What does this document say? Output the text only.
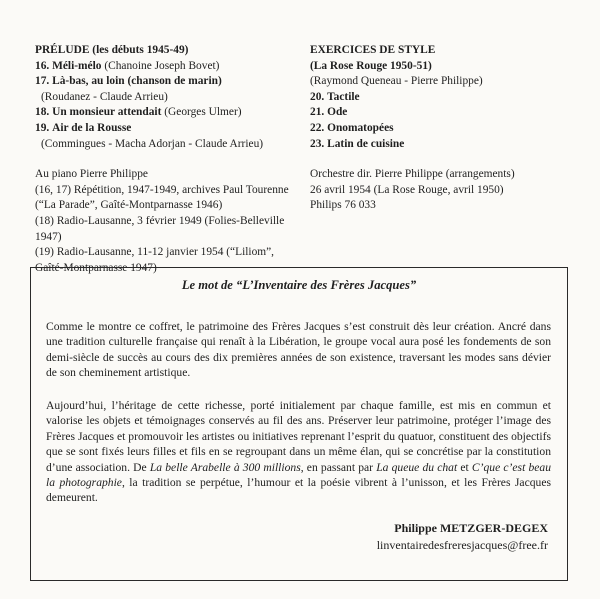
PRÉLUDE (les débuts 1945-49)
16. Méli-mélo (Chanoine Joseph Bovet)
17. Là-bas, au loin (chanson de marin)
(Roudanez - Claude Arrieu)
18. Un monsieur attendait (Georges Ulmer)
19. Air de la Rousse
(Commingues - Macha Adorjan - Claude Arrieu)

Au piano Pierre Philippe

(16, 17) Répétition, 1947-1949, archives Paul Tourenne (“La Parade”, Gaîté-Montparnasse 1946)

(18) Radio-Lausanne, 3 février 1949 (Folies-Belleville 1947)

(19) Radio-Lausanne, 11-12 janvier 1954 (“Liliom”, Gaîté-Montparnasse 1947)

EXERCICES DE STYLE
(La Rose Rouge 1950-51)
(Raymond Queneau - Pierre Philippe)
20. Tactile
21. Ode
22. Onomatopées
23. Latin de cuisine

Orchestre dir. Pierre Philippe (arrangements)

26 avril 1954 (La Rose Rouge, avril 1950)

Philips 76 033

Le mot de “L’Inventaire des Frères Jacques”

Comme le montre ce coffret, le patrimoine des Frères Jacques s’est construit dès leur création. Ancré dans une tradition culturelle française qui renaît à la Libération, le groupe vocal aura posé les fondements de son demi-siècle de succès au cours des dix premières années de son existence, traversant les modes sans dévier de son cheminement artistique.

Aujourd’hui, l’héritage de cette richesse, porté initialement par chaque famille, est mis en commun et valorise les objets et témoignages conservés au fil des ans. Préserver leur patrimoine, protéger l’image des Frères Jacques et promouvoir les artistes ou initiatives reprenant l’esprit du quatuor, constituent des objectifs que se sont fixés leurs filles et fils en se regroupant dans un même élan, qui se concrétise par la constitution d’une association. De La belle Arabelle à 300 millions, en passant par La queue du chat et C’que c’est beau la photographie, la tradition se perpétue, l’humour et la poésie vibrent à l’unisson, et les Frères Jacques demeurent.

Philippe METZGER-DEGEX
linventairedesfreresjacques@free.fr
